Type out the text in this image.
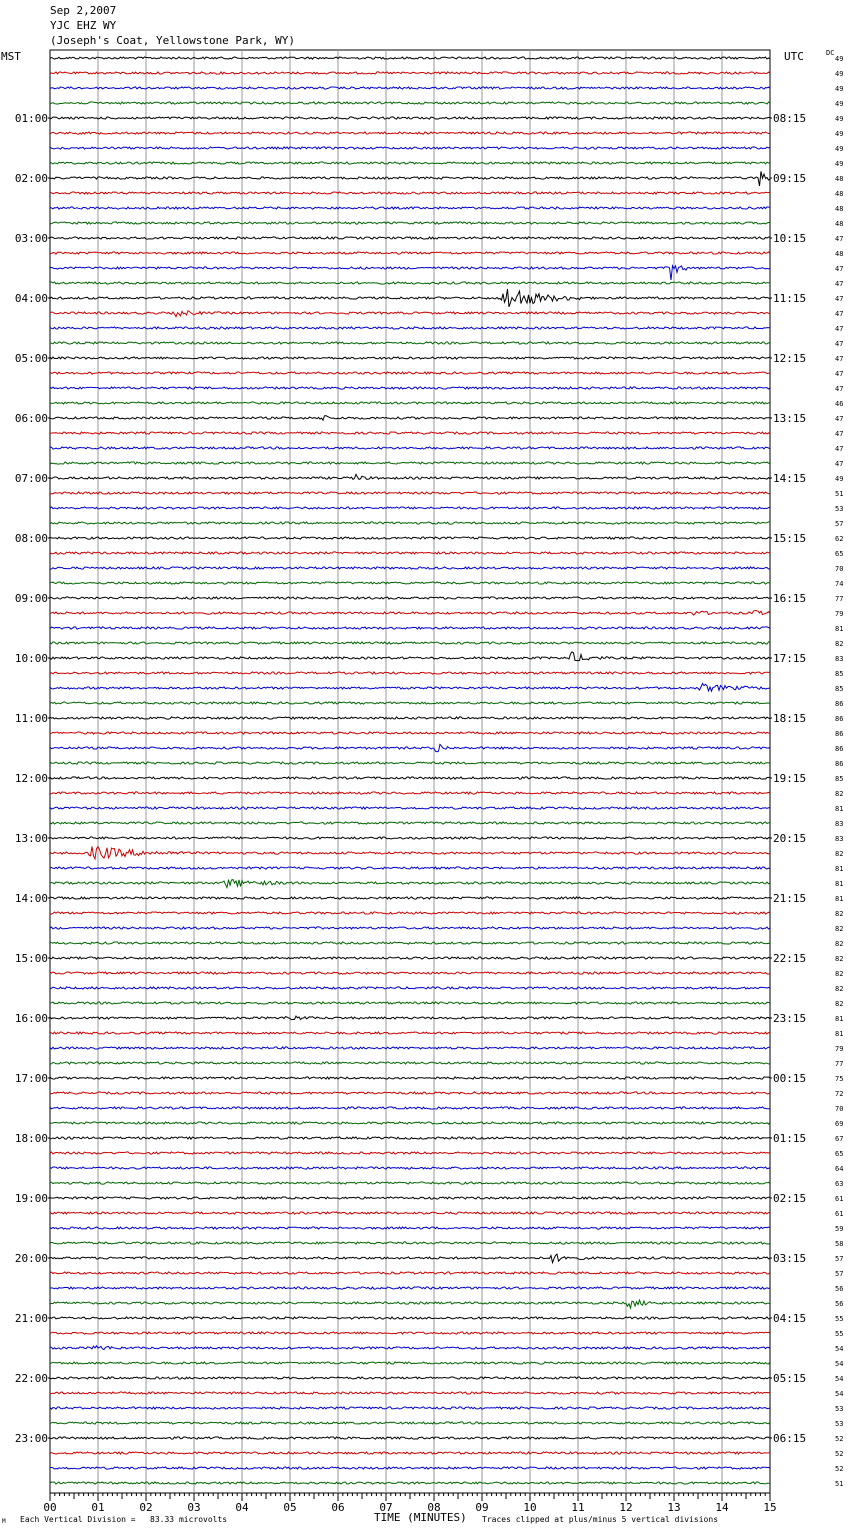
Sep 2,2007
YJC EHZ WY
(Joseph's Coat, Yellowstone Park, WY)
MST	UTC	DC
00	01	02	03	04	05	06	07	08	09	10	11	12	13	14	15
49
49
49
49
49
49
49
49
48
48
48
48
47
48
47
47
47
47
47
47
47
47
47
46
47
47
47
47
49
51
53
57
62
65
70
74
77
79
81
82
83
85
85
86
86
86
86
86
85
82
81
83
83
82
81
81
81
82
82
82
82
82
82
82
81
81
79
77
75
72
70
69
67
65
64
63
61
61
59
58
57
57
56
56
55
55
54
54
54
54
53
53
52
52
52
51
01:00
02:00
03:00
04:00
05:00
06:00
07:00
08:00
09:00
10:00
11:00
12:00
13:00
14:00
15:00
16:00
17:00
18:00
19:00
20:00
21:00
22:00
23:00
08:15
09:15
10:15
11:15
12:15
13:15
14:15
15:15
16:15
17:15
18:15
19:15
20:15
21:15
22:15
23:15
00:15
01:15
02:15
03:15
04:15
05:15
06:15
TIME (MINUTES)
Each Vertical Division =   83.33 microvolts	Traces clipped at plus/minus 5 vertical divisions
M
